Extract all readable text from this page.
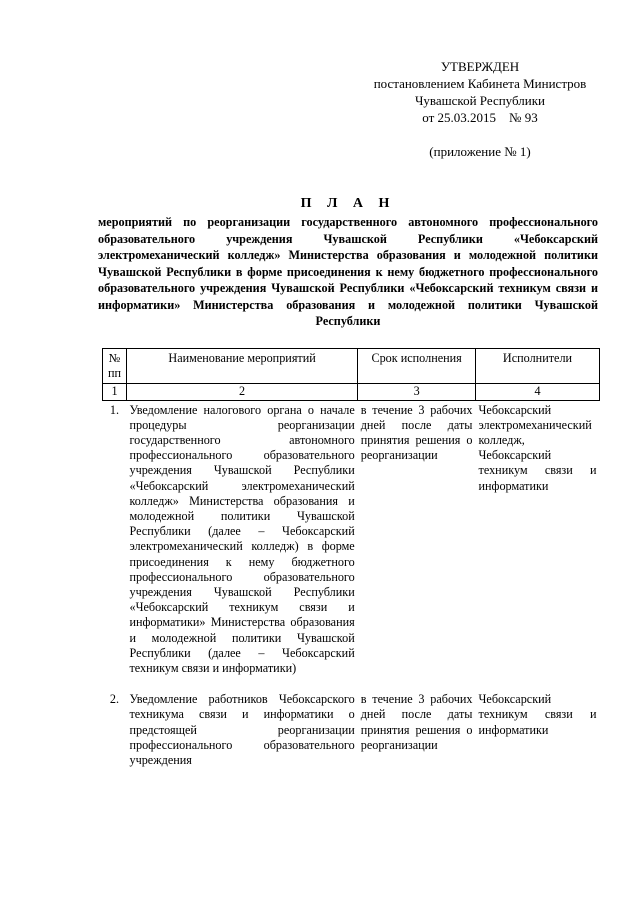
УТВЕРЖДЕН
постановлением Кабинета Министров
Чувашской Республики
от 25.03.2015    № 93
(приложение № 1)
П Л А Н

мероприятий по реорганизации государственного автономного профессионального образовательного учреждения Чувашской Республики «Чебоксарский электромеханический колледж» Министерства образования и молодежной политики Чувашской Республики в форме присоединения к нему бюджетного профессионального образовательного учреждения Чувашской Республики «Чебоксарский техникум связи и информатики» Министерства образования и молодежной политики Чувашской Республики

№ пп	Наименование мероприятий	Срок исполнения	Исполнители
1	2	3	4
1.	Уведомление налогового органа о начале процедуры реорганизации государственного автономного профессионального образовательного учреждения Чувашской Республики «Чебоксарский электромеханический колледж» Министерства образования и молодежной политики Чувашской Республики (далее – Чебоксарский электромеханический колледж) в форме присоединения к нему бюджетного профессионального образовательного учреждения Чувашской Республики «Чебоксарский техникум связи и информатики» Министерства образования и молодежной политики Чувашской Республики (далее – Чебоксарский техникум связи и информатики)	в течение 3 рабочих дней после даты принятия решения о реорганизации	Чебоксарский электромеханический колледж, Чебоксарский техникум связи и информатики

2.	Уведомление работников Чебоксарского техникума связи и информатики о предстоящей реорганизации профессионального образовательного учреждения	в течение 3 рабочих дней после даты принятия решения о реорганизации	Чебоксарский техникум связи и информатики
